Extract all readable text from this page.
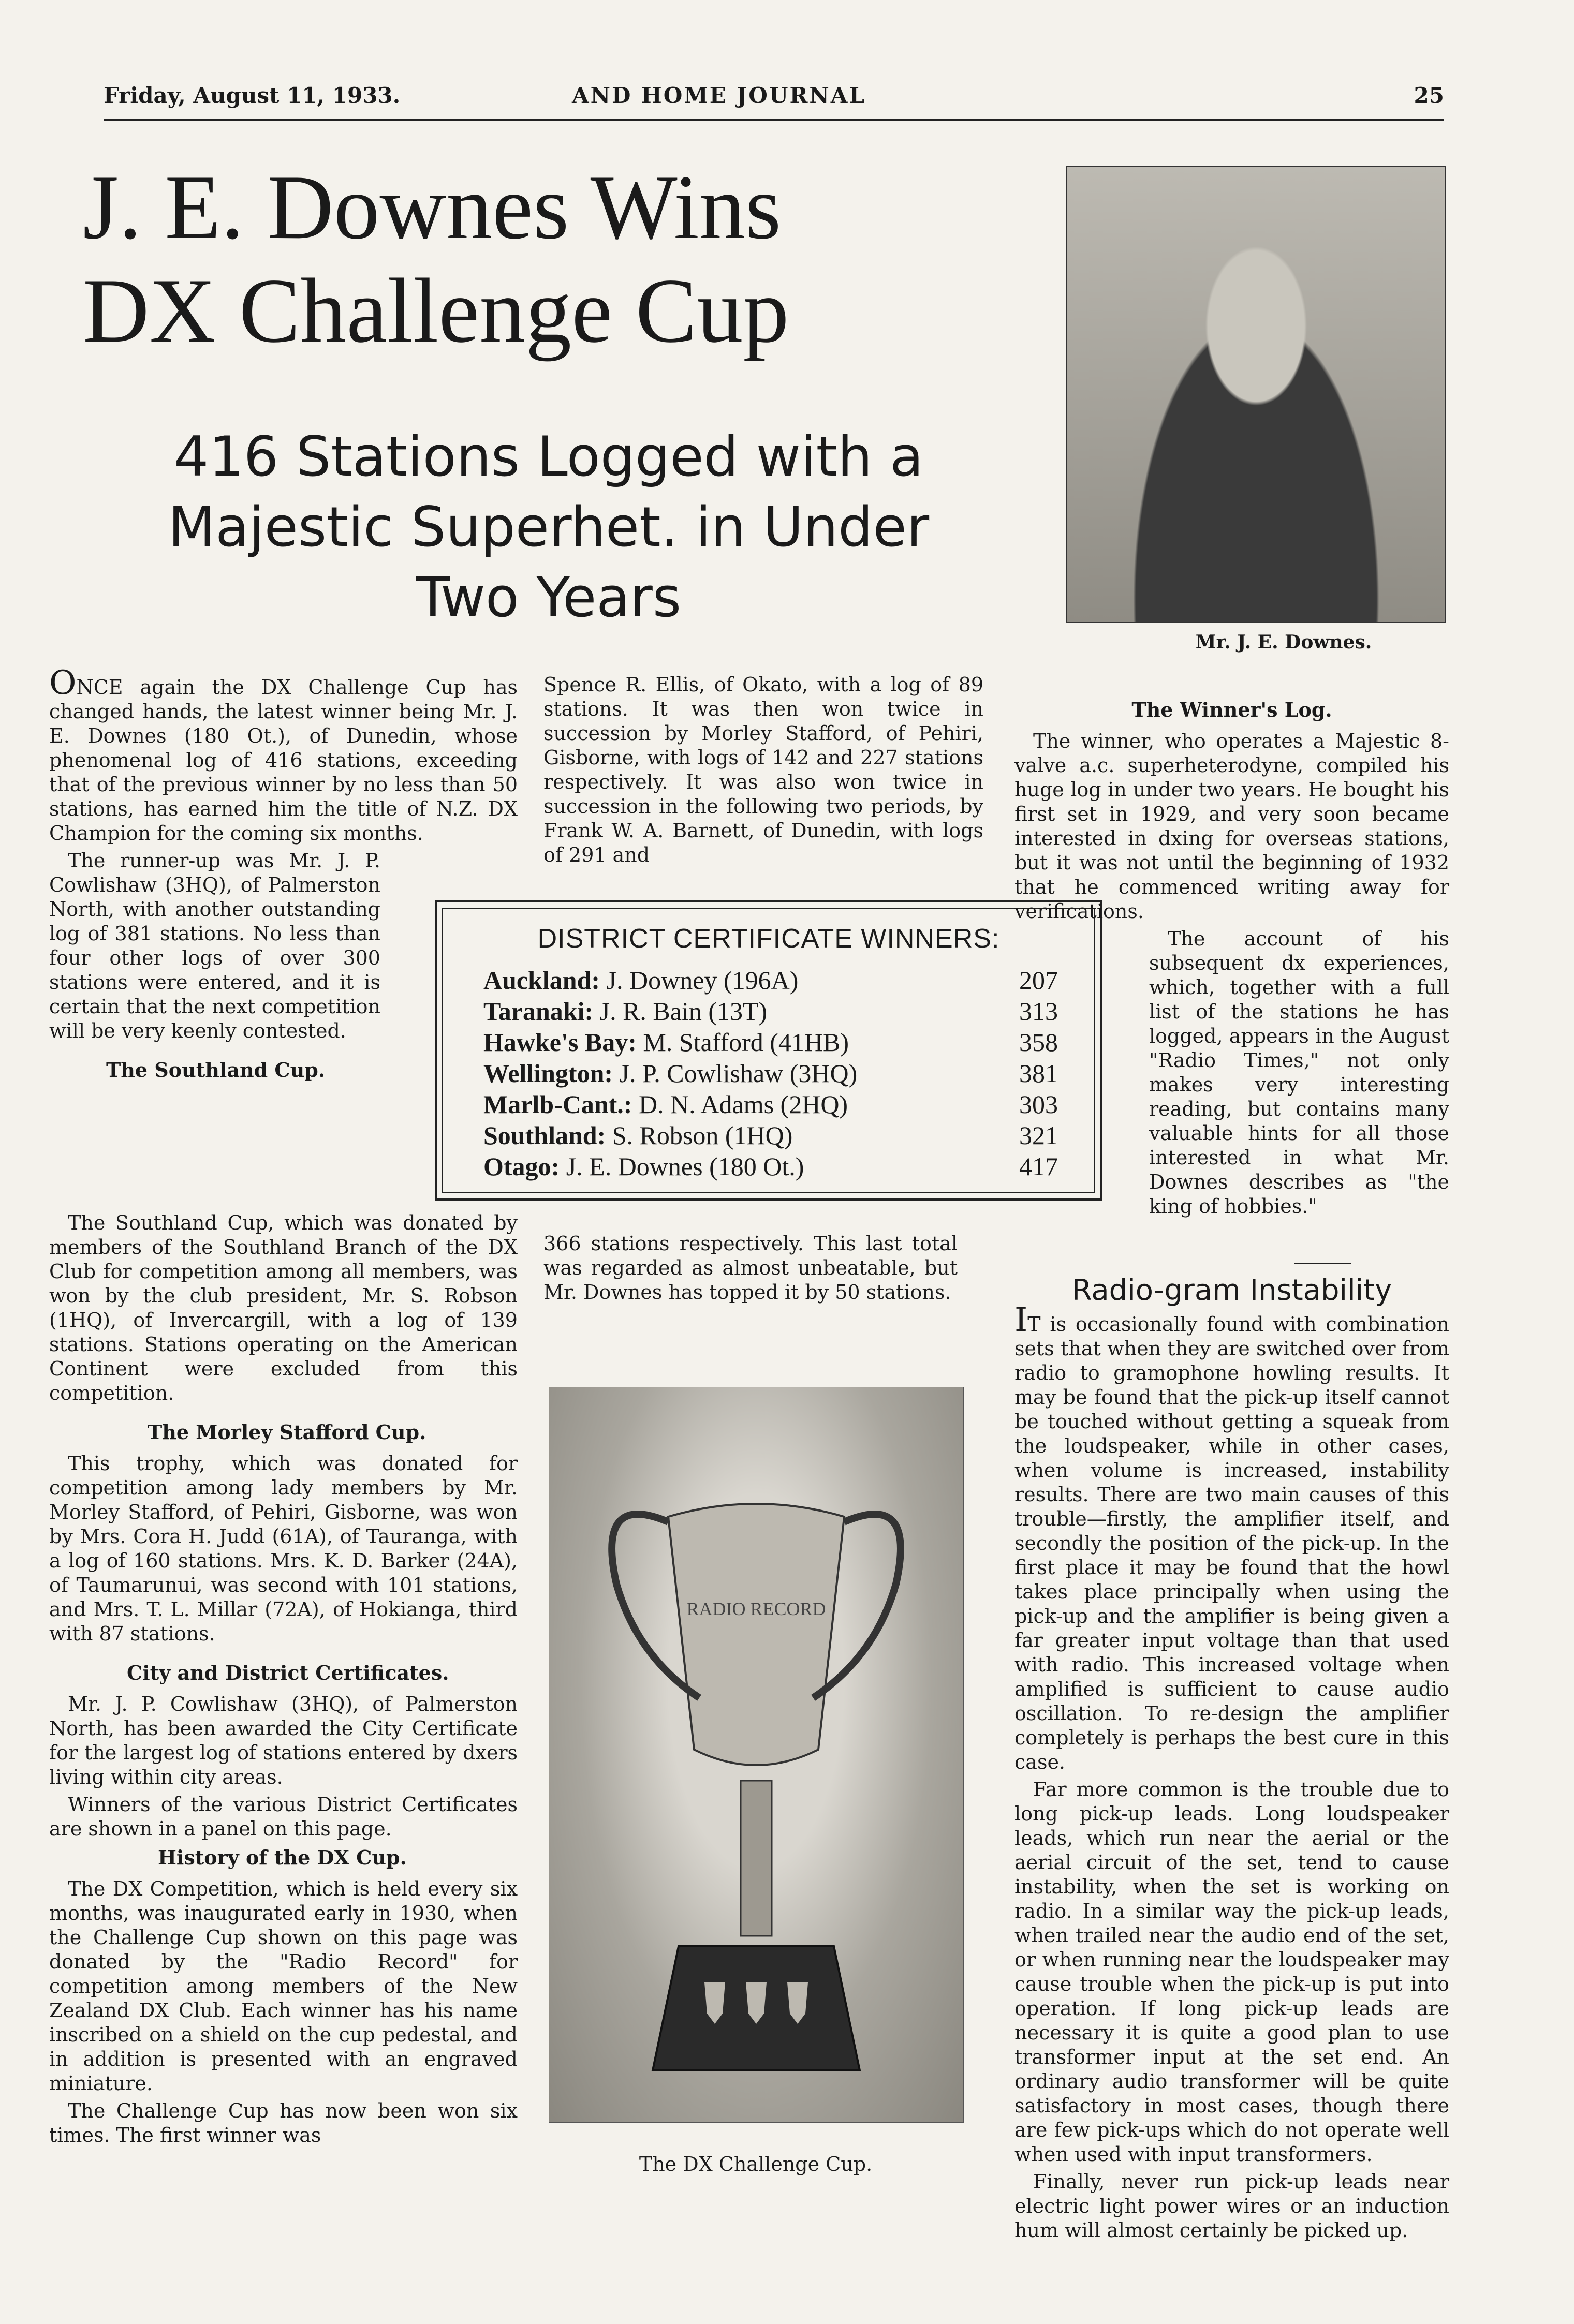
Friday, August 11, 1933.	AND HOME JOURNAL	25
J. E. Downes Wins
DX Challenge Cup
416 Stations Logged with a
Majestic Superhet. in Under
Two Years
Mr. J. E. Downes.

ONCE again the DX Challenge Cup has changed hands, the latest winner being Mr. J. E. Downes (180 Ot.), of Dunedin, whose phenomenal log of 416 stations, exceeding that of the previous winner by no less than 50 stations, has earned him the title of N.Z. DX Champion for the coming six months.

The runner-up was Mr. J. P. Cowlishaw (3HQ), of Palmerston North, with another outstanding log of 381 stations. No less than four other logs of over 300 stations were entered, and it is certain that the next competition will be very keenly contested.

The Southland Cup.

The Southland Cup, which was donated by members of the Southland Branch of the DX Club for competition among all members, was won by the club president, Mr. S. Robson (1HQ), of Invercargill, with a log of 139 stations. Stations operating on the American Continent were excluded from this competition.

The Morley Stafford Cup.

This trophy, which was donated for competition among lady members by Mr. Morley Stafford, of Pehiri, Gisborne, was won by Mrs. Cora H. Judd (61A), of Tauranga, with a log of 160 stations. Mrs. K. D. Barker (24A), of Taumarunui, was second with 101 stations, and Mrs. T. L. Millar (72A), of Hokianga, third with 87 stations.

City and District Certificates.

Mr. J. P. Cowlishaw (3HQ), of Palmerston North, has been awarded the City Certificate for the largest log of stations entered by dxers living within city areas.

Winners of the various District Certificates are shown in a panel on this page.

History of the DX Cup.

The DX Competition, which is held every six months, was inaugurated early in 1930, when the Challenge Cup shown on this page was donated by the "Radio Record" for competition among members of the New Zealand DX Club. Each winner has his name inscribed on a shield on the cup pedestal, and in addition is presented with an engraved miniature.

The Challenge Cup has now been won six times. The first winner was

Spence R. Ellis, of Okato, with a log of 89 stations. It was then won twice in succession by Morley Stafford, of Pehiri, Gisborne, with logs of 142 and 227 stations respectively. It was also won twice in succession in the following two periods, by Frank W. A. Barnett, of Dunedin, with logs of 291 and

DISTRICT CERTIFICATE WINNERS:
Auckland: J. Downey (196A)	207
Taranaki: J. R. Bain (13T)	313
Hawke's Bay: M. Stafford (41HB)	358
Wellington: J. P. Cowlishaw (3HQ)	381
Marlb-Cant.: D. N. Adams (2HQ)	303
Southland: S. Robson (1HQ)	321
Otago: J. E. Downes (180 Ot.)	417

366 stations respectively. This last total was regarded as almost unbeatable, but Mr. Downes has topped it by 50 stations.

RADIO RECORD
The DX Challenge Cup.
The Winner's Log.

The winner, who operates a Majestic 8-valve a.c. superheterodyne, compiled his huge log in under two years. He bought his first set in 1929, and very soon became interested in dxing for overseas stations, but it was not until the beginning of 1932 that he commenced writing away for verifications.

The account of his subsequent dx experiences, which, together with a full list of the stations he has logged, appears in the August "Radio Times," not only makes very interesting reading, but contains many valuable hints for all those interested in what Mr. Downes describes as "the king of hobbies."

Radio-gram Instability

IT is occasionally found with combination sets that when they are switched over from radio to gramophone howling results. It may be found that the pick-up itself cannot be touched without getting a squeak from the loudspeaker, while in other cases, when volume is increased, instability results. There are two main causes of this trouble—firstly, the amplifier itself, and secondly the position of the pick-up. In the first place it may be found that the howl takes place principally when using the pick-up and the amplifier is being given a far greater input voltage than that used with radio. This increased voltage when amplified is sufficient to cause audio oscillation. To re-design the amplifier completely is perhaps the best cure in this case.

Far more common is the trouble due to long pick-up leads. Long loudspeaker leads, which run near the aerial or the aerial circuit of the set, tend to cause instability, when the set is working on radio. In a similar way the pick-up leads, when trailed near the audio end of the set, or when running near the loudspeaker may cause trouble when the pick-up is put into operation. If long pick-up leads are necessary it is quite a good plan to use transformer input at the set end. An ordinary audio transformer will be quite satisfactory in most cases, though there are few pick-ups which do not operate well when used with input transformers.

Finally, never run pick-up leads near electric light power wires or an induction hum will almost certainly be picked up.
